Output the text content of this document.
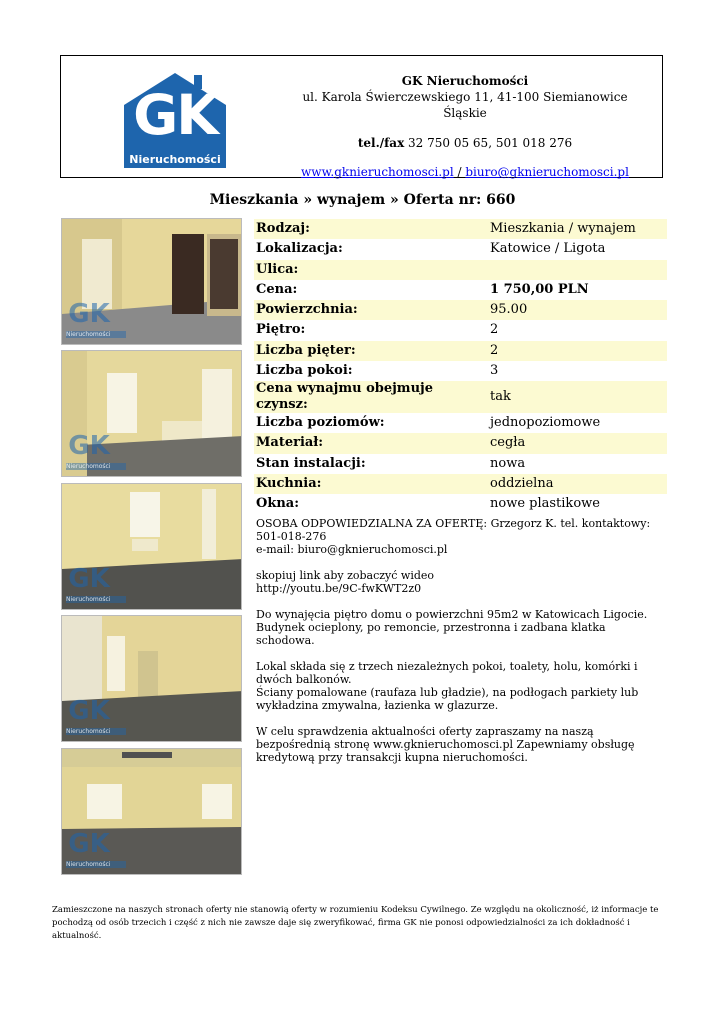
GK
Nieruchomości
GK Nieruchomości
ul. Karola Świerczewskiego 11, 41-100 Siemianowice Śląskie
tel./fax 32 750 05 65, 501 018 276
www.gknieruchomosci.pl / biuro@gknieruchomosci.pl
Mieszkania » wynajem » Oferta nr: 660
GK
Nieruchomości
GK
Nieruchomości
GK
Nieruchomości
GK
Nieruchomości
GK
Nieruchomości
Rodzaj:	Mieszkania / wynajem
Lokalizacja:	Katowice / Ligota
Ulica:	
Cena:	1 750,00 PLN
Powierzchnia:	95.00
Piętro:	2
Liczba pięter:	2
Liczba pokoi:	3
Cena wynajmu obejmuje czynsz:	tak
Liczba poziomów:	jednopoziomowe
Materiał:	cegła
Stan instalacji:	nowa
Kuchnia:	oddzielna
Okna:	nowe plastikowe

OSOBA ODPOWIEDZIALNA ZA OFERTĘ: Grzegorz K. tel. kontaktowy:
501-018-276
e-mail: biuro@gknieruchomosci.pl

skopiuj link aby zobaczyć wideo
http://youtu.be/9C-fwKWT2z0

Do wynajęcia piętro domu o powierzchni 95m2 w Katowicach Ligocie. Budynek ocieplony, po remoncie, przestronna i zadbana klatka schodowa.

Lokal składa się z trzech niezależnych pokoi, toalety, holu, komórki i dwóch balkonów.
Ściany pomalowane (raufaza lub gładzie), na podłogach parkiety lub wykładzina zmywalna, łazienka w glazurze.

W celu sprawdzenia aktualności oferty zapraszamy na naszą bezpośrednią stronę www.gknieruchomosci.pl Zapewniamy obsługę kredytową przy transakcji kupna nieruchomości.

Zamieszczone na naszych stronach oferty nie stanowią oferty w rozumieniu Kodeksu Cywilnego. Ze względu na okoliczność, iż informacje te pochodzą od osób trzecich i część z nich nie zawsze daje się zweryfikować, firma GK nie ponosi odpowiedzialności za ich dokładność i aktualność.
